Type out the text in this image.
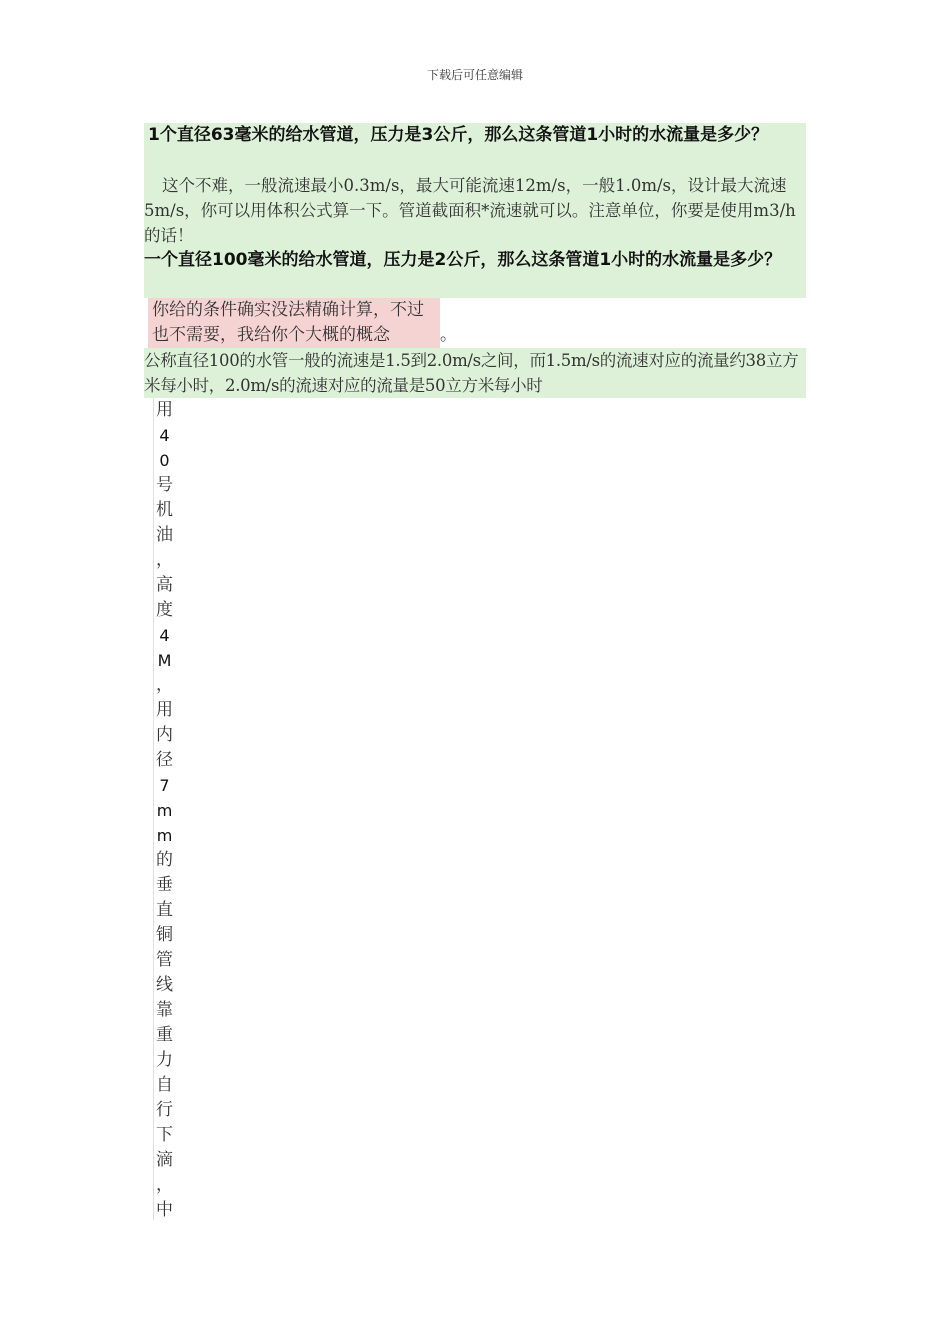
下载后可任意编辑
1个直径63毫米的给水管道，压力是3公斤，那么这条管道1小时的水流量是多少？
这个不难，一般流速最小0.3m/s，最大可能流速12m/s，一般1.0m/s，设计最大流速5m/s，你可以用体积公式算一下。管道截面积*流速就可以。注意单位，你要是使用m3/h的话！
一个直径100毫米的给水管道，压力是2公斤，那么这条管道1小时的水流量是多少？
你给的条件确实没法精确计算，不过也不需要，我给你个大概的概念	。
公称直径100的水管一般的流速是1.5到2.0m/s之间，而1.5m/s的流速对应的流量约38立方米每小时，2.0m/s的流速对应的流量是50立方米每小时
用
4
0
号
机
油
，
高
度
4
M
，
用
内
径
7
m
m
的
垂
直
铜
管
线
靠
重
力
自
行
下
滴
，
中
